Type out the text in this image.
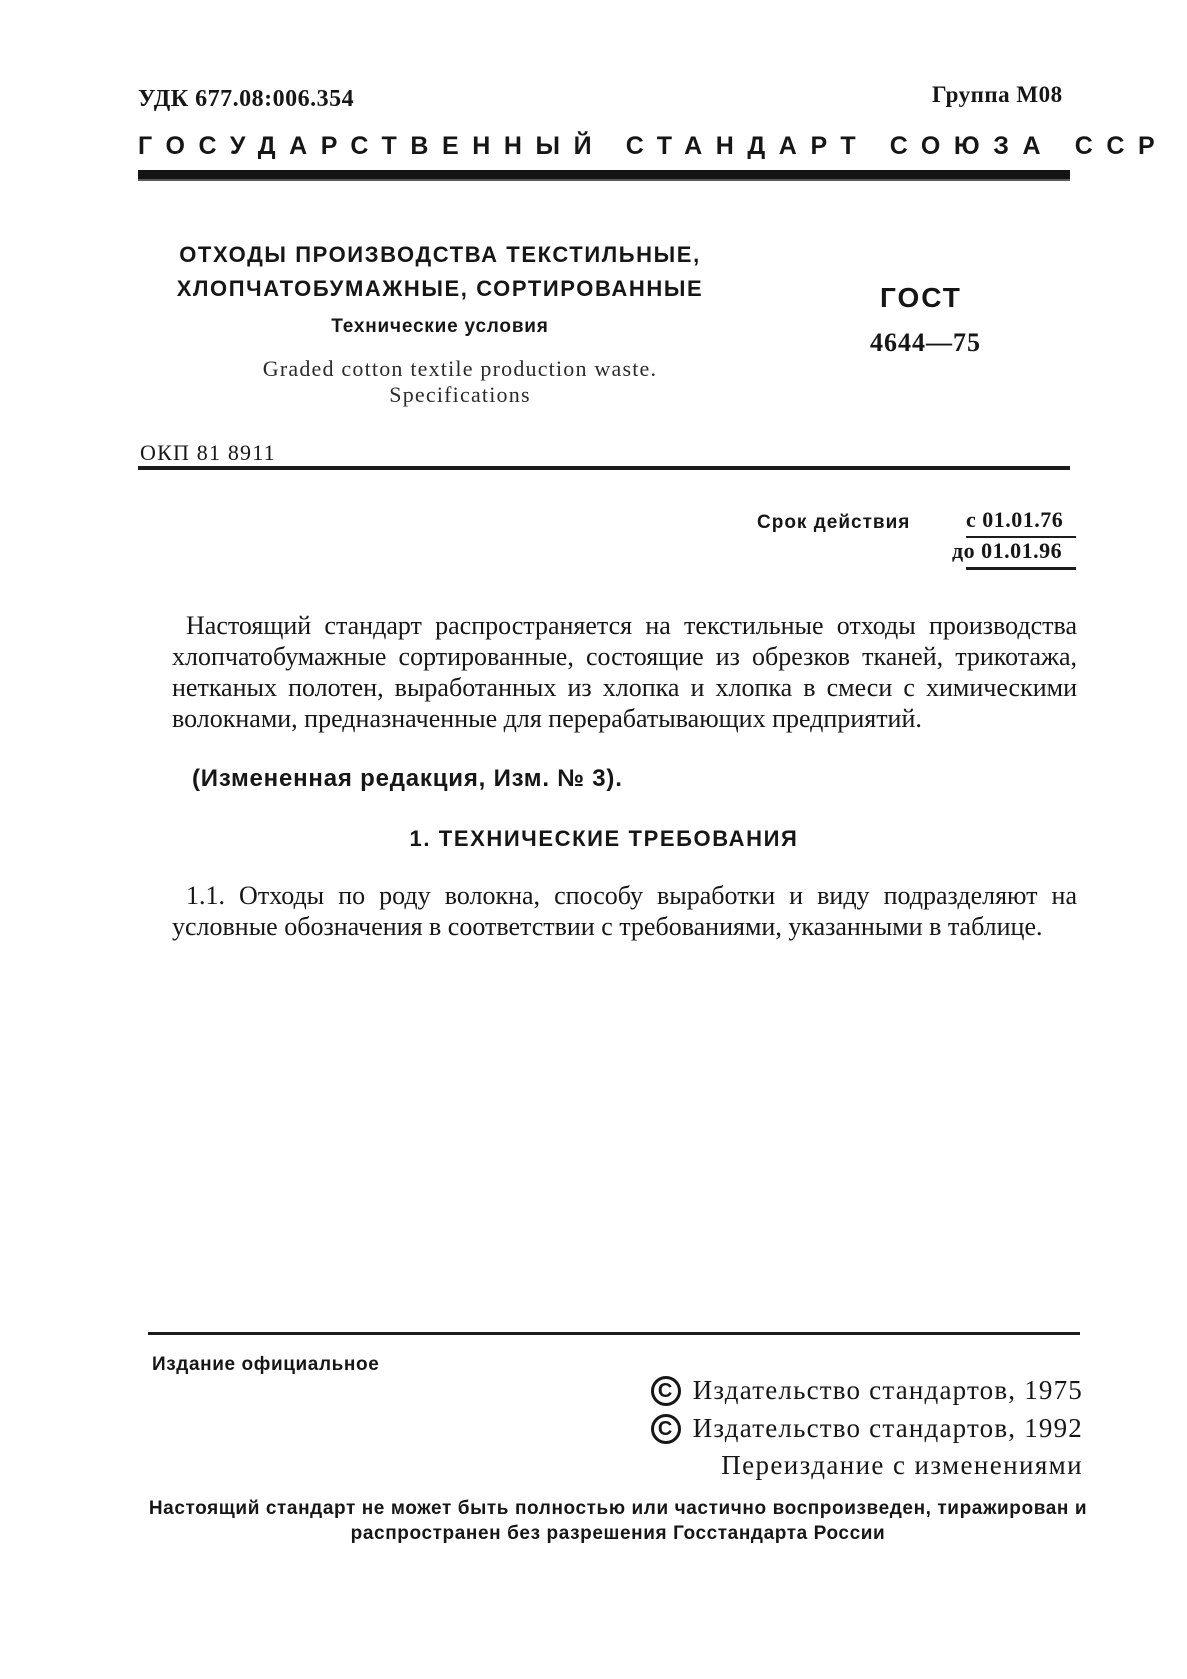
УДК 677.08:006.354	Группа М08
ГОСУДАРСТВЕННЫЙ СТАНДАРТ СОЮЗА ССР
ОТХОДЫ ПРОИЗВОДСТВА ТЕКСТИЛЬНЫЕ,
ХЛОПЧАТОБУМАЖНЫЕ, СОРТИРОВАННЫЕ
Технические условия
Graded cotton textile production waste.
Specifications
ГОСТ
4644—75
ОКП 81 8911
Срок действия	с 01.01.76
до 01.01.96
Настоящий стандарт распространяется на текстильные отходы производства хлопчатобумажные сортированные, состоящие из обрезков тканей, трикотажа, нетканых полотен, выработанных из хлопка и хлопка в смеси с химическими волокнами, предназначенные для перерабатывающих предприятий.
(Измененная редакция, Изм. № 3).
1. ТЕХНИЧЕСКИЕ ТРЕБОВАНИЯ
1.1. Отходы по роду волокна, способу выработки и виду подразделяют на условные обозначения в соответствии с требованиями, указанными в таблице.
Издание официальное
C Издательство стандартов, 1975
C Издательство стандартов, 1992
Переиздание с изменениями
Настоящий стандарт не может быть полностью или частично воспроизведен, тиражирован и распространен без разрешения Госстандарта России
